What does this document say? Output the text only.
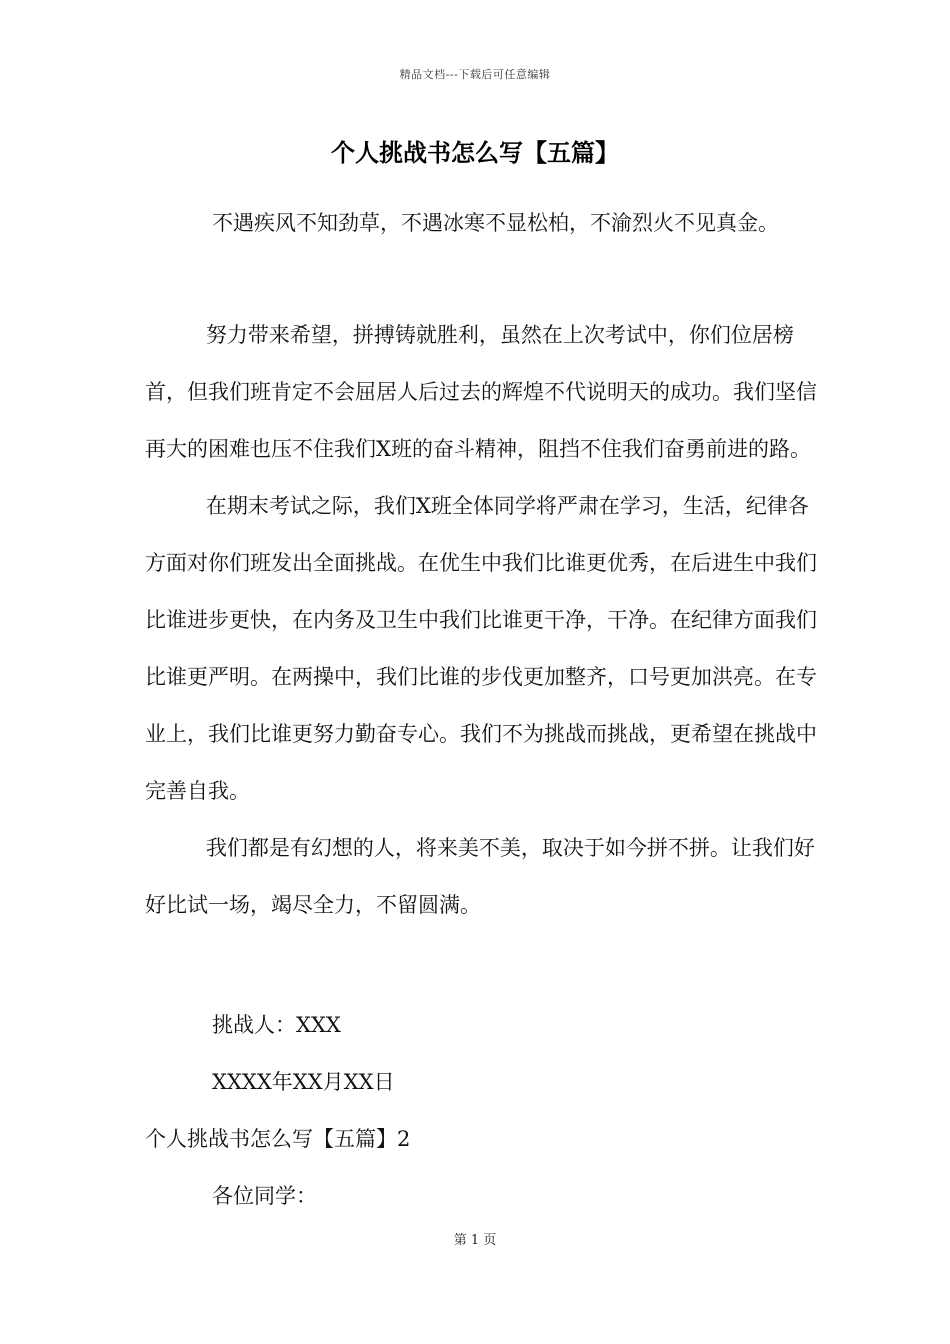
精品文档---下载后可任意编辑
个人挑战书怎么写【五篇】
不遇疾风不知劲草，不遇冰寒不显松柏，不渝烈火不见真金。

努力带来希望，拼搏铸就胜利，虽然在上次考试中，你们位居榜首，但我们班肯定不会屈居人后过去的辉煌不代说明天的成功。我们坚信再大的困难也压不住我们X班的奋斗精神，阻挡不住我们奋勇前进的路。

在期末考试之际，我们X班全体同学将严肃在学习，生活，纪律各方面对你们班发出全面挑战。在优生中我们比谁更优秀，在后进生中我们比谁进步更快，在内务及卫生中我们比谁更干净，干净。在纪律方面我们比谁更严明。在两操中，我们比谁的步伐更加整齐，口号更加洪亮。在专业上，我们比谁更努力勤奋专心。我们不为挑战而挑战，更希望在挑战中完善自我。

我们都是有幻想的人，将来美不美，取决于如今拼不拼。让我们好好比试一场，竭尽全力，不留圆满。

挑战人：XXX
XXXX年XX月XX日
个人挑战书怎么写【五篇】2
各位同学：
第 1 页
